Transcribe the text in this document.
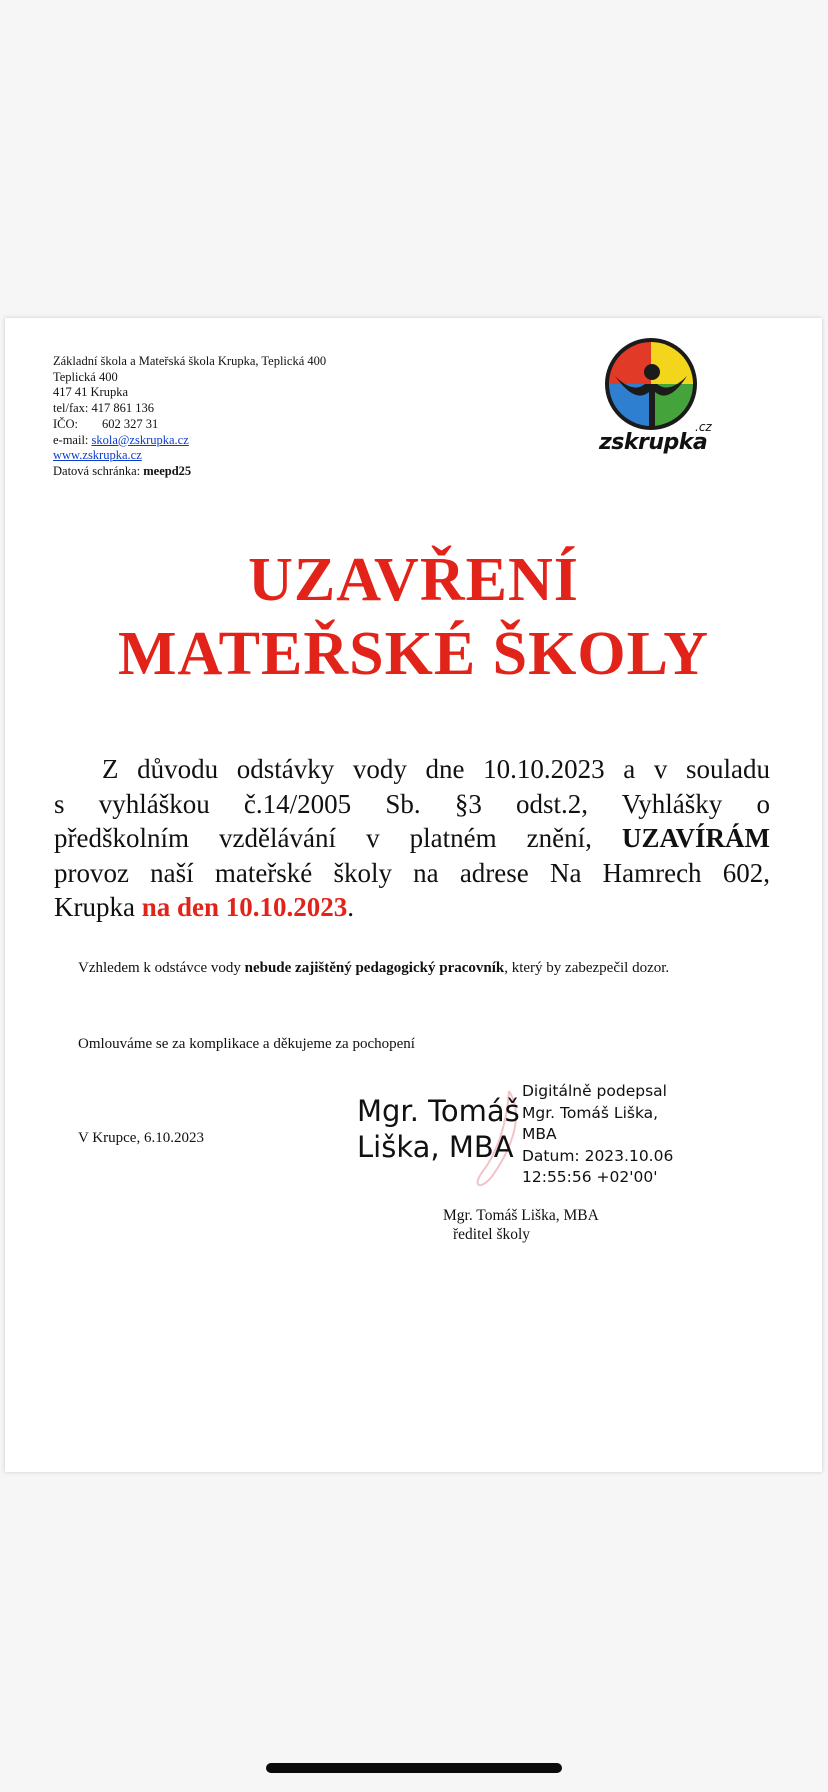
Základní škola a Mateřská škola Krupka, Teplická 400
Teplická 400
417 41 Krupka
tel/fax: 417 861 136
IČO: 602 327 31
e-mail: skola@zskrupka.cz
www.zskrupka.cz
Datová schránka: meepd25
.cz
zskrupka
UZAVŘENÍ
MATEŘSKÉ ŠKOLY
Z důvodu odstávky vody dne 10.10.2023 a v souladu
s vyhláškou č.14/2005 Sb. §3 odst.2, Vyhlášky o
předškolním vzdělávání v platném znění, UZAVÍRÁM
provoz naší mateřské školy na adrese Na Hamrech 602,
Krupka na den 10.10.2023.
Vzhledem k odstávce vody nebude zajištěný pedagogický pracovník, který by zabezpečil dozor.
Omlouváme se za komplikace a děkujeme za pochopení
V Krupce, 6.10.2023
Mgr. Tomáš
Liška, MBA
Digitálně podepsal
Mgr. Tomáš Liška,
MBA
Datum: 2023.10.06
12:55:56 +02'00'
Mgr. Tomáš Liška, MBA
ředitel školy
